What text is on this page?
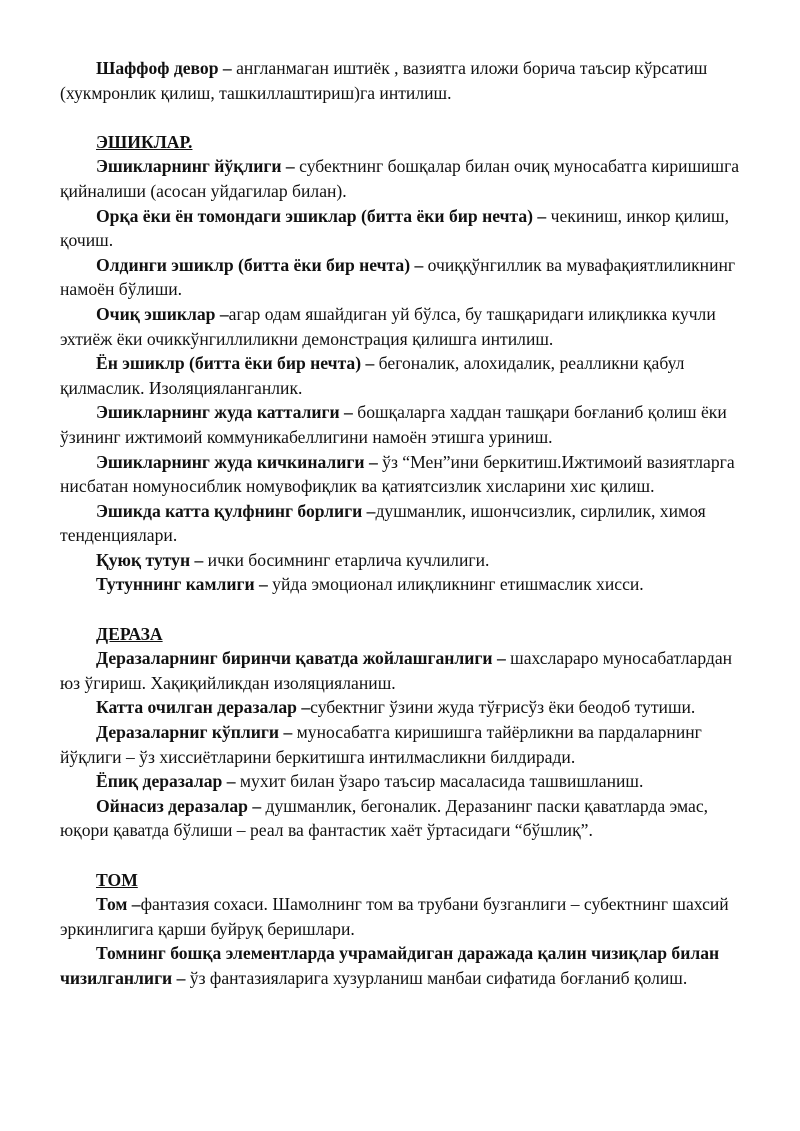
Шаффоф девор – англанмаган иштиёк , вазиятга иложи борича таъсир кўрсатиш (хукмронлик қилиш, ташкиллаштириш)га интилиш.

ЭШИКЛАР.

Эшикларнинг йўқлиги – субектнинг бошқалар билан очиқ муносабатга киришишга қийналиши (асосан уйдагилар билан).

Орқа ёки ён томондаги эшиклар (битта ёки бир нечта) – чекиниш, инкор қилиш, қочиш.

Олдинги эшиклр (битта ёки бир нечта) – очиққўнгиллик ва мувафақиятлиликнинг намоён бўлиши.

Очиқ эшиклар –агар одам яшайдиган уй бўлса, бу ташқаридаги илиқликка кучли эхтиёж ёки очиккўнгиллиликни демонстрация қилишга интилиш.

Ён эшиклр (битта ёки бир нечта) – бегоналик, алохидалик, реалликни қабул қилмаслик. Изоляцияланганлик.

Эшикларнинг жуда катталиги – бошқаларга хаддан ташқари боғланиб қолиш ёки ўзининг ижтимоий коммуникабеллигини намоён этишга уриниш.

Эшикларнинг жуда кичкиналиги – ўз “Мен”ини беркитиш.Ижтимоий вазиятларга нисбатан номуносиблик номувофиқлик ва қатиятсизлик хисларини хис қилиш.

Эшикда катта қулфнинг борлиги –душманлик, ишончсизлик, сирлилик, химоя тенденциялари.

Қуюқ тутун – ички босимнинг етарлича кучлилиги.

Тутуннинг камлиги – уйда эмоционал илиқликнинг етишмаслик хисси.

ДЕРАЗА

Деразаларнинг биринчи қаватда жойлашганлиги – шахсларaро муносабатлардан юз ўгириш. Хақиқийликдан изоляцияланиш.

Катта очилган деразалар –субектниг ўзини жуда тўғрисўз ёки беодоб тутиши.

Деразаларниг кўплиги – муносабатга киришишга тайёрликни ва пардаларнинг йўқлиги – ўз хиссиётларини беркитишга интилмасликни билдиради.

Ёпиқ деразалар – мухит билан ўзаро таъсир масаласида ташвишланиш.

Ойнасиз деразалар – душманлик, бегоналик. Деразанинг паски қаватларда эмас, юқори қаватда бўлиши – реал ва фантастик хаёт ўртасидаги “бўшлиқ”.

ТОМ

Том –фантазия сохаси. Шамолнинг том ва трубани бузганлиги – субектнинг шахсий эркинлигига қарши буйруқ беришлари.

Томнинг бошқа элементларда учрамайдиган даражада қалин чизиқлар билан чизилганлиги – ўз фантазияларига хузурланиш манбаи сифатида боғланиб қолиш.
